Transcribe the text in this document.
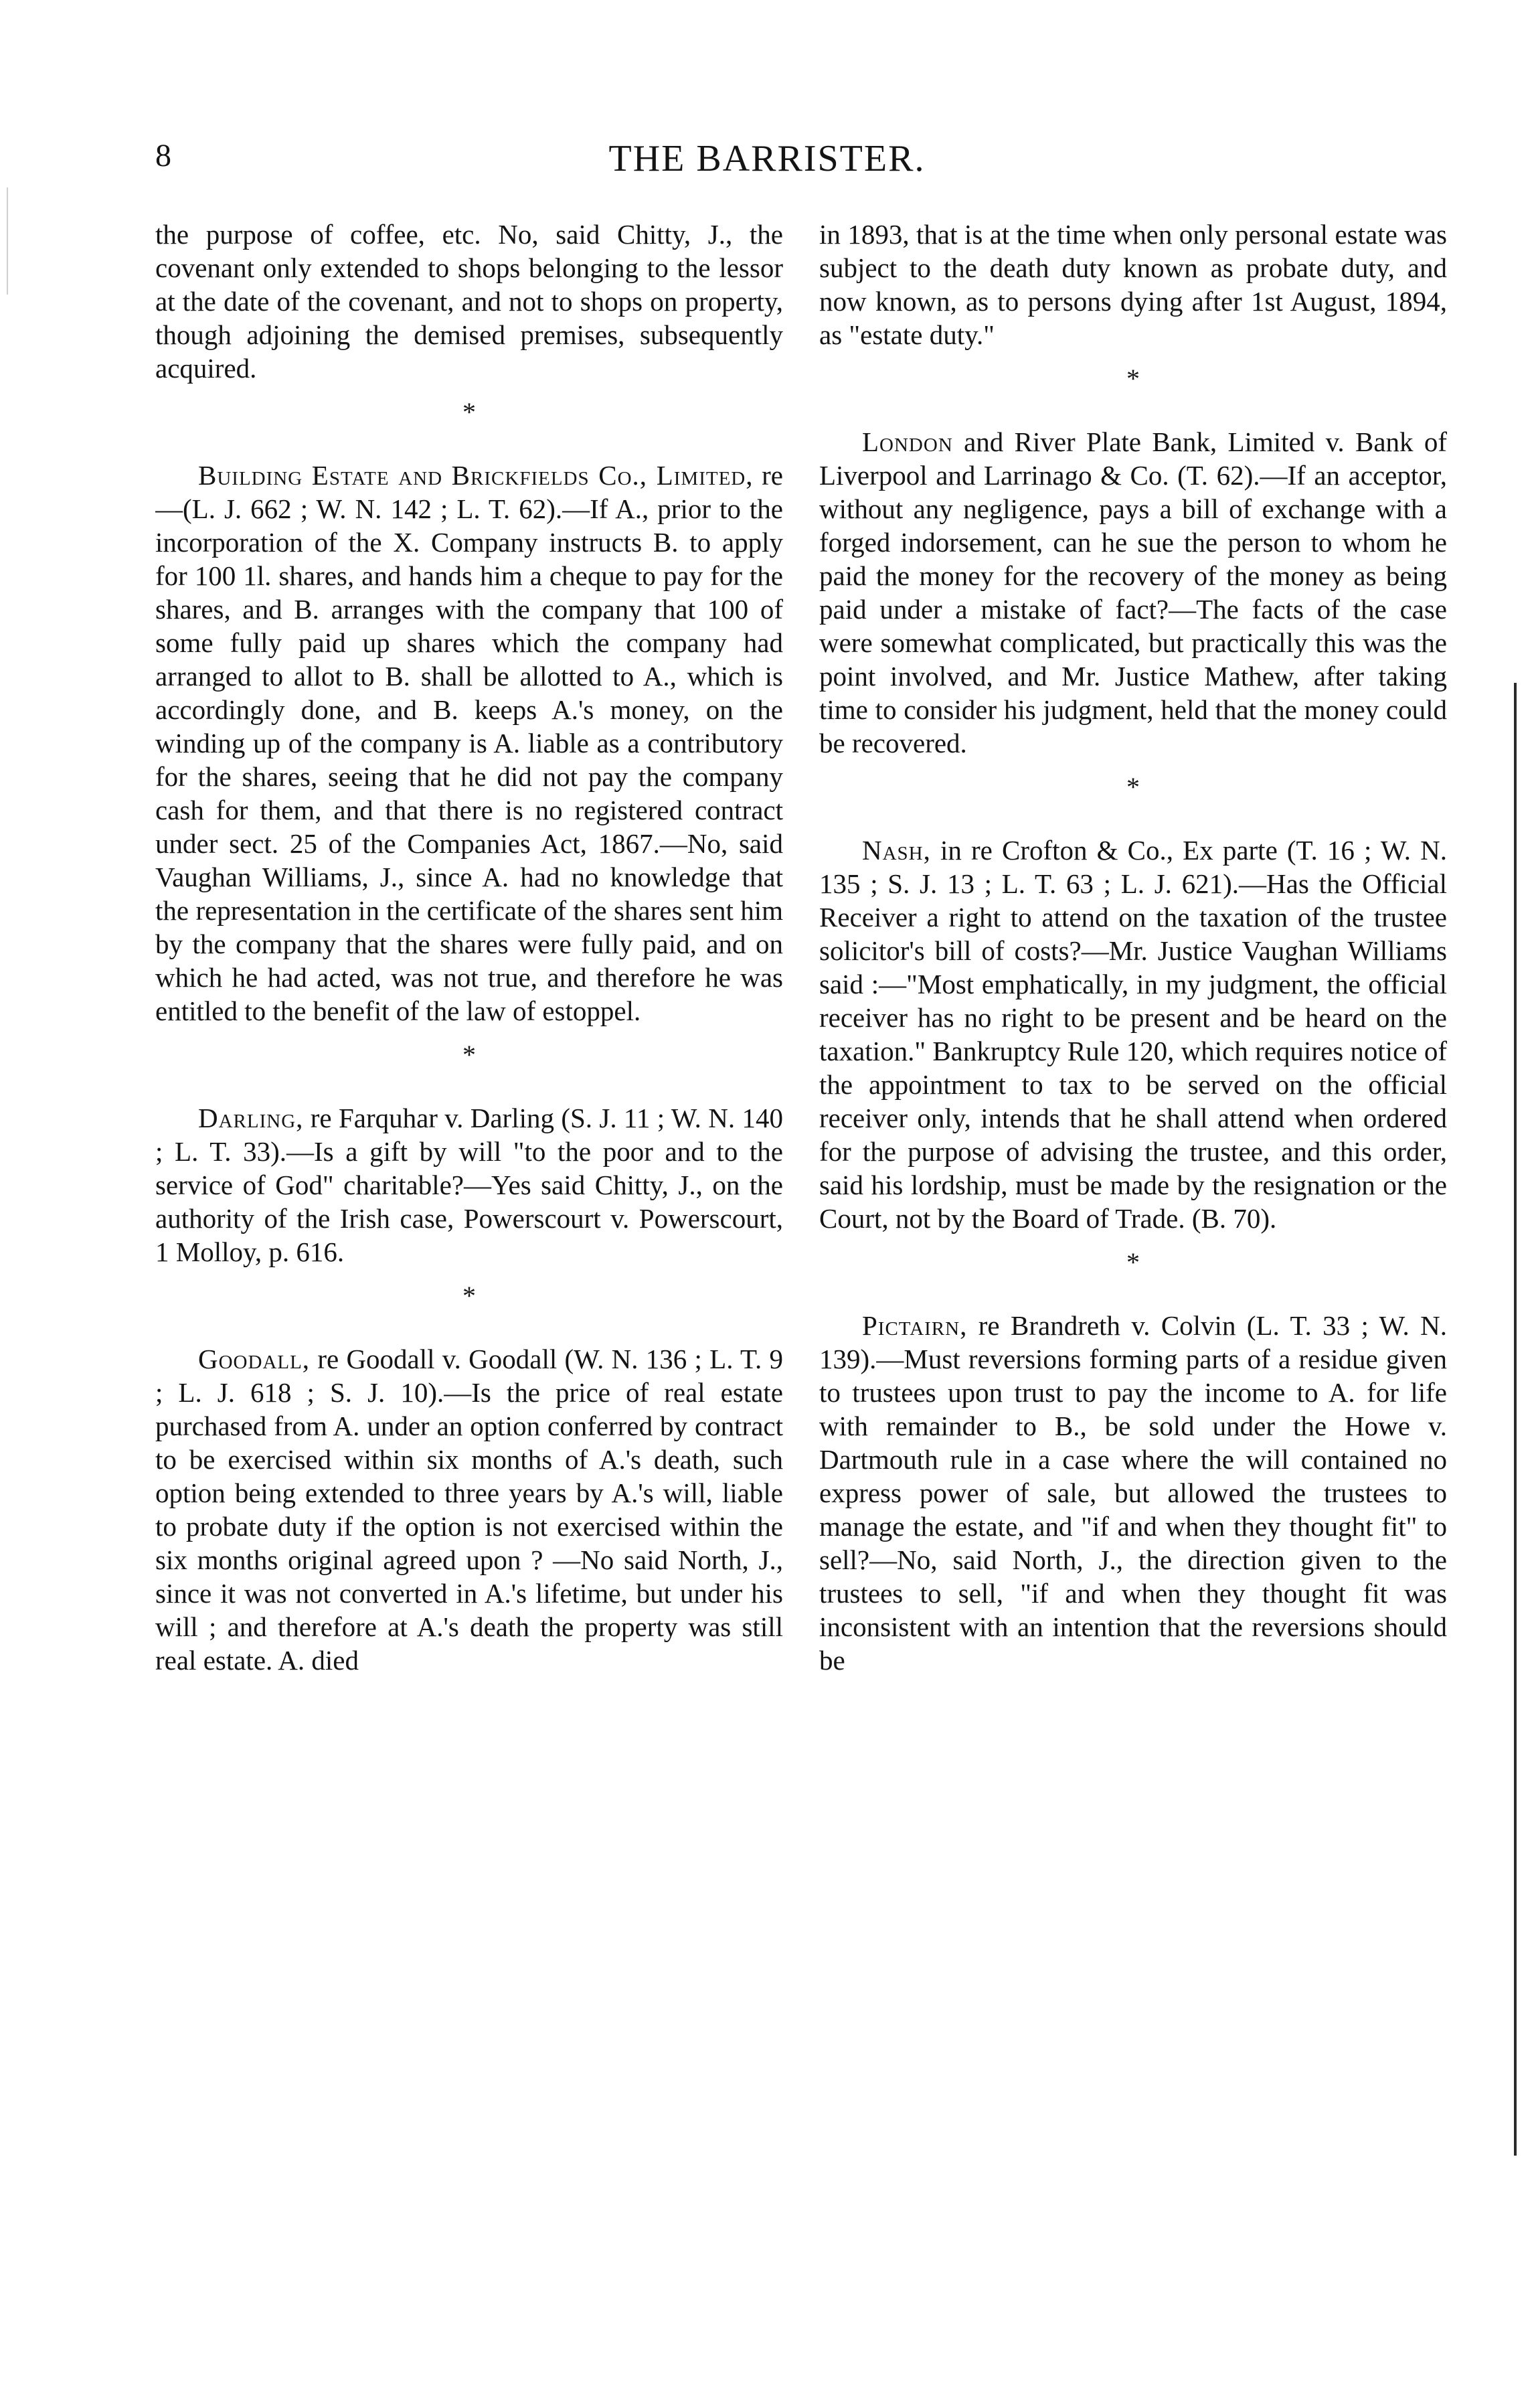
THE BARRISTER.
8

the purpose of coffee, etc. No, said Chitty, J., the covenant only extended to shops belonging to the lessor at the date of the covenant, and not to shops on property, though adjoining the demised premises, subsequently acquired.

*

Building Estate and Brickfields Co., Limited, re—(L. J. 662 ; W. N. 142 ; L. T. 62).—If A., prior to the incorporation of the X. Company instructs B. to apply for 100 1l. shares, and hands him a cheque to pay for the shares, and B. arranges with the company that 100 of some fully paid up shares which the company had arranged to allot to B. shall be allotted to A., which is accordingly done, and B. keeps A.'s money, on the winding up of the company is A. liable as a contributory for the shares, seeing that he did not pay the company cash for them, and that there is no registered contract under sect. 25 of the Companies Act, 1867.—No, said Vaughan Williams, J., since A. had no knowledge that the representation in the certificate of the shares sent him by the company that the shares were fully paid, and on which he had acted, was not true, and therefore he was entitled to the benefit of the law of estoppel.

*

Darling, re Farquhar v. Darling (S. J. 11 ; W. N. 140 ; L. T. 33).—Is a gift by will "to the poor and to the service of God" charitable?—Yes said Chitty, J., on the authority of the Irish case, Powerscourt v. Powerscourt, 1 Molloy, p. 616.

*

Goodall, re Goodall v. Goodall (W. N. 136 ; L. T. 9 ; L. J. 618 ; S. J. 10).—Is the price of real estate purchased from A. under an option conferred by contract to be exercised within six months of A.'s death, such option being extended to three years by A.'s will, liable to probate duty if the option is not exercised within the six months original agreed upon ? —No said North, J., since it was not converted in A.'s lifetime, but under his will ; and therefore at A.'s death the property was still real estate. A. died

in 1893, that is at the time when only personal estate was subject to the death duty known as probate duty, and now known, as to persons dying after 1st August, 1894, as "estate duty."

*

London and River Plate Bank, Limited v. Bank of Liverpool and Larrinago & Co. (T. 62).—If an acceptor, without any negligence, pays a bill of exchange with a forged indorsement, can he sue the person to whom he paid the money for the recovery of the money as being paid under a mistake of fact?—The facts of the case were somewhat complicated, but practically this was the point involved, and Mr. Justice Mathew, after taking time to consider his judgment, held that the money could be recovered.

*

Nash, in re Crofton & Co., Ex parte (T. 16 ; W. N. 135 ; S. J. 13 ; L. T. 63 ; L. J. 621).—Has the Official Receiver a right to attend on the taxation of the trustee solicitor's bill of costs?—Mr. Justice Vaughan Williams said :—"Most emphatically, in my judgment, the official receiver has no right to be present and be heard on the taxation." Bankruptcy Rule 120, which requires notice of the appointment to tax to be served on the official receiver only, intends that he shall attend when ordered for the purpose of advising the trustee, and this order, said his lordship, must be made by the resignation or the Court, not by the Board of Trade. (B. 70).

*

Pictairn, re Brandreth v. Colvin (L. T. 33 ; W. N. 139).—Must reversions forming parts of a residue given to trustees upon trust to pay the income to A. for life with remainder to B., be sold under the Howe v. Dartmouth rule in a case where the will contained no express power of sale, but allowed the trustees to manage the estate, and "if and when they thought fit" to sell?—No, said North, J., the direction given to the trustees to sell, "if and when they thought fit was inconsistent with an intention that the reversions should be
